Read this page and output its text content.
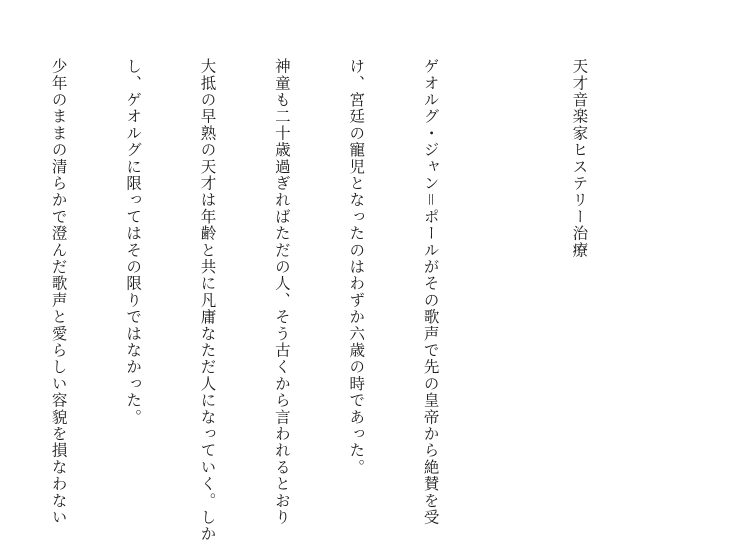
天才音楽家ヒステリー治療

ゲオルグ・ジャン＝ポールがその歌声で先の皇帝から絶賛を受

け、宮廷の寵児となったのはわずか六歳の時であった。

神童も二十歳過ぎればただの人、そう古くから言われるとおり

大抵の早熟の天才は年齢と共に凡庸なただ人になっていく。しか

し、ゲオルグに限ってはその限りではなかった。

少年のままの清らかで澄んだ歌声と愛らしい容貌を損なわない
